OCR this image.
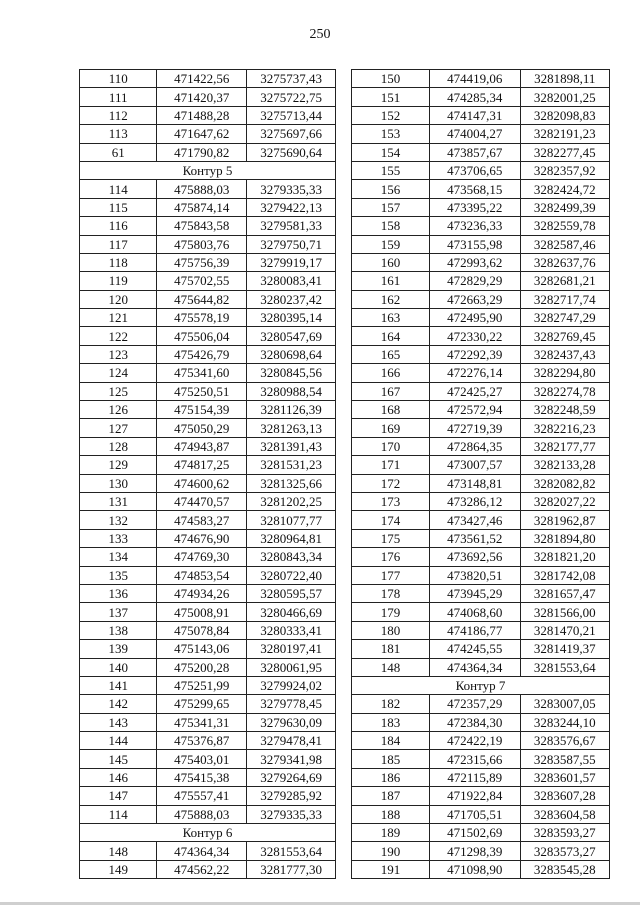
250
110	471422,56	3275737,43
111	471420,37	3275722,75
112	471488,28	3275713,44
113	471647,62	3275697,66
61	471790,82	3275690,64
Контур 5		
114	475888,03	3279335,33
115	475874,14	3279422,13
116	475843,58	3279581,33
117	475803,76	3279750,71
118	475756,39	3279919,17
119	475702,55	3280083,41
120	475644,82	3280237,42
121	475578,19	3280395,14
122	475506,04	3280547,69
123	475426,79	3280698,64
124	475341,60	3280845,56
125	475250,51	3280988,54
126	475154,39	3281126,39
127	475050,29	3281263,13
128	474943,87	3281391,43
129	474817,25	3281531,23
130	474600,62	3281325,66
131	474470,57	3281202,25
132	474583,27	3281077,77
133	474676,90	3280964,81
134	474769,30	3280843,34
135	474853,54	3280722,40
136	474934,26	3280595,57
137	475008,91	3280466,69
138	475078,84	3280333,41
139	475143,06	3280197,41
140	475200,28	3280061,95
141	475251,99	3279924,02
142	475299,65	3279778,45
143	475341,31	3279630,09
144	475376,87	3279478,41
145	475403,01	3279341,98
146	475415,38	3279264,69
147	475557,41	3279285,92
114	475888,03	3279335,33
Контур 6		
148	474364,34	3281553,64
149	474562,22	3281777,30
150	474419,06	3281898,11
151	474285,34	3282001,25
152	474147,31	3282098,83
153	474004,27	3282191,23
154	473857,67	3282277,45
155	473706,65	3282357,92
156	473568,15	3282424,72
157	473395,22	3282499,39
158	473236,33	3282559,78
159	473155,98	3282587,46
160	472993,62	3282637,76
161	472829,29	3282681,21
162	472663,29	3282717,74
163	472495,90	3282747,29
164	472330,22	3282769,45
165	472292,39	3282437,43
166	472276,14	3282294,80
167	472425,27	3282274,78
168	472572,94	3282248,59
169	472719,39	3282216,23
170	472864,35	3282177,77
171	473007,57	3282133,28
172	473148,81	3282082,82
173	473286,12	3282027,22
174	473427,46	3281962,87
175	473561,52	3281894,80
176	473692,56	3281821,20
177	473820,51	3281742,08
178	473945,29	3281657,47
179	474068,60	3281566,00
180	474186,77	3281470,21
181	474245,55	3281419,37
148	474364,34	3281553,64
Контур 7		
182	472357,29	3283007,05
183	472384,30	3283244,10
184	472422,19	3283576,67
185	472315,66	3283587,55
186	472115,89	3283601,57
187	471922,84	3283607,28
188	471705,51	3283604,58
189	471502,69	3283593,27
190	471298,39	3283573,27
191	471098,90	3283545,28
